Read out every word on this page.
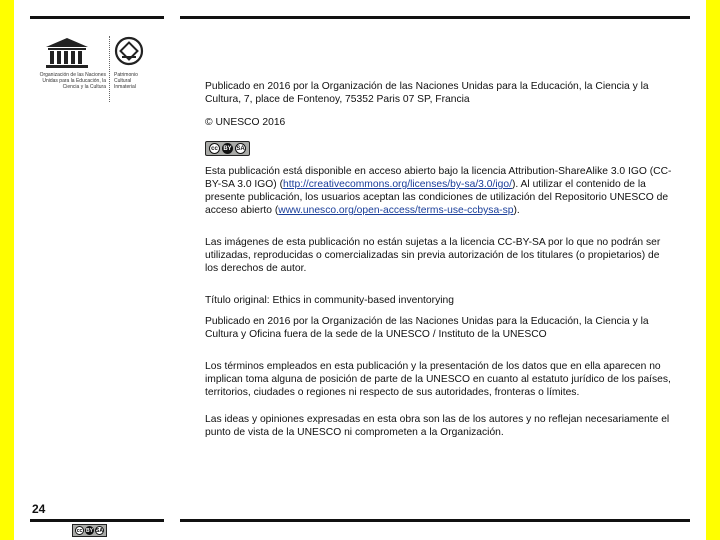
Organización de las Naciones Unidas para la Educación, la Ciencia y la Cultura
Patrimonio Cultural Inmaterial	Publicado en 2016 por la Organización de las Naciones Unidas para la Educación, la Ciencia y la Cultura, 7, place de Fontenoy, 75352 Paris 07 SP, Francia

© UNESCO 2016

cc BY SA

Esta publicación está disponible en acceso abierto bajo la licencia Attribution-ShareAlike 3.0 IGO (CC-BY-SA 3.0 IGO) (http://creativecommons.org/licenses/by-sa/3.0/igo/). Al utilizar el contenido de la presente publicación, los usuarios aceptan las condiciones de utilización del Repositorio UNESCO de acceso abierto (www.unesco.org/open-access/terms-use-ccbysa-sp).

Las imágenes de esta publicación no están sujetas a la licencia CC-BY-SA por lo que no podrán ser utilizadas, reproducidas o comercializadas sin previa autorización de los titulares (o propietarios) de los derechos de autor.

Título original: Ethics in community-based inventorying

Publicado en 2016 por la Organización de las Naciones Unidas para la Educación, la Ciencia y la Cultura y Oficina fuera de la sede de la UNESCO / Instituto de la UNESCO

Los términos empleados en esta publicación y la presentación de los datos que en ella aparecen no implican toma alguna de posición de parte de la UNESCO en cuanto al estatuto jurídico de los países, territorios, ciudades o regiones ni respecto de sus autoridades, fronteras o límites.

Las ideas y opiniones expresadas en esta obra son las de los autores y no reflejan necesariamente el punto de vista de la UNESCO ni comprometen a la Organización.

24
cc BY SA
